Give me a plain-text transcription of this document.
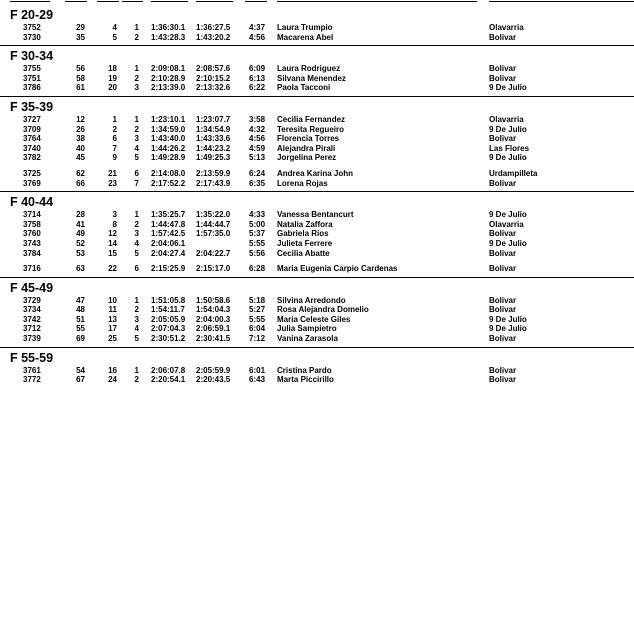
F 20-29
3752	29	4 1 1:36:30.1 1:36:27.5 4:37 Laura Trumpio	Olavarria
3730	35	5 2 1:43:28.3 1:43:20.2 4:56 Macarena Abel	Bolivar
F 30-34
3755	56	18 1 2:09:08.1 2:08:57.6 6:09 Laura Rodriguez	Bolivar
3751	58	19 2 2:10:28.9 2:10:15.2 6:13 Silvana Menendez	Bolivar
3786	61	20 3 2:13:39.0 2:13:32.6 6:22 Paola Tacconi	9 De Julio
F 35-39
3727	12	1 1 1:23:10.1 1:23:07.7 3:58 Cecilia Fernandez	Olavarria
3709	26	2 2 1:34:59.0 1:34:54.9 4:32 Teresita Regueiro	9 De Julio
3764	38	6 3 1:43:40.0 1:43:33.6 4:56 Florencia Torres	Bolivar
3740	40	7 4 1:44:26.2 1:44:23.2 4:59 Alejandra Pirali	Las Flores
3782	45	9 5 1:49:28.9 1:49:25.3 5:13 Jorgelina Perez	9 De Julio
3725	62	21 6 2:14:08.0 2:13:59.9 6:24 Andrea Karina John	Urdampilleta
3769	66	23 7 2:17:52.2 2:17:43.9 6:35 Lorena Rojas	Bolivar
F 40-44
3714	28	3 1 1:35:25.7 1:35:22.0 4:33 Vanessa Bentancurt	9 De Julio
3758	41	8 2 1:44:47.8 1:44:44.7 5:00 Natalia Zaffora	Olavarria
3760	49	12 3 1:57:42.5 1:57:35.0 5:37 Gabriela Rios	Bolivar
3743	52	14 4 2:04:06.1	5:55 Julieta Ferrere	9 De Julio
3784	53	15 5 2:04:27.4 2:04:22.7 5:56 Cecilia Abatte	Bolivar
3716	63	22 6 2:15:25.9 2:15:17.0 6:28 Maria Eugenia Carpio Cardenas	Bolivar
F 45-49
3729	47	10 1 1:51:05.8 1:50:58.6 5:18 Silvina Arredondo	Bolivar
3734	48	11 2 1:54:11.7 1:54:04.3 5:27 Rosa Alejandra Domelio	Bolivar
3742	51	13 3 2:05:05.9 2:04:00.3 5:55 Maria Celeste Giles	9 De Julio
3712	55	17 4 2:07:04.3 2:06:59.1 6:04 Julia Sampietro	9 De Julio
3739	69	25 5 2:30:51.2 2:30:41.5 7:12 Vanina Zarasola	Bolivar
F 55-59
3761	54	16 1 2:06:07.8 2:05:59.9 6:01 Cristina Pardo	Bolivar
3772	67	24 2 2:20:54.1 2:20:43.5 6:43 Marta Piccirillo	Bolivar
